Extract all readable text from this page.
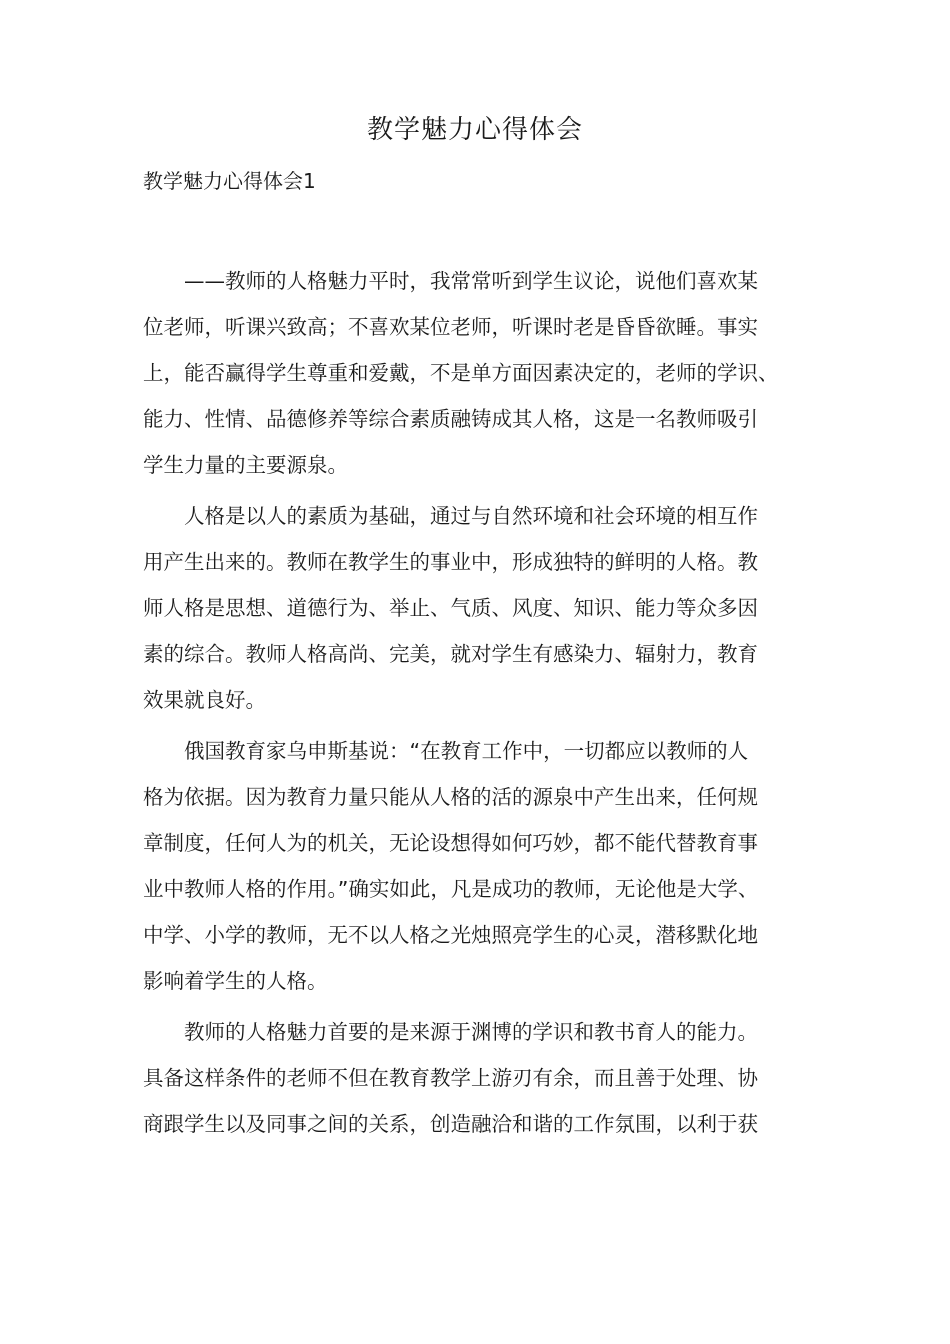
教学魅力心得体会
教学魅力心得体会1

——教师的人格魅力平时，我常常听到学生议论，说他们喜欢某
位老师，听课兴致高；不喜欢某位老师，听课时老是昏昏欲睡。事实
上，能否赢得学生尊重和爱戴，不是单方面因素决定的，老师的学识、
能力、性情、品德修养等综合素质融铸成其人格，这是一名教师吸引
学生力量的主要源泉。

人格是以人的素质为基础，通过与自然环境和社会环境的相互作
用产生出来的。教师在教学生的事业中，形成独特的鲜明的人格。教
师人格是思想、道德行为、举止、气质、风度、知识、能力等众多因
素的综合。教师人格高尚、完美，就对学生有感染力、辐射力，教育
效果就良好。

俄国教育家乌申斯基说：“在教育工作中，一切都应以教师的人
格为依据。因为教育力量只能从人格的活的源泉中产生出来，任何规
章制度，任何人为的机关，无论设想得如何巧妙，都不能代替教育事
业中教师人格的作用。”确实如此，凡是成功的教师，无论他是大学、
中学、小学的教师，无不以人格之光烛照亮学生的心灵，潜移默化地
影响着学生的人格。

教师的人格魅力首要的是来源于渊博的学识和教书育人的能力。
具备这样条件的老师不但在教育教学上游刃有余，而且善于处理、协
商跟学生以及同事之间的关系，创造融洽和谐的工作氛围，以利于获
